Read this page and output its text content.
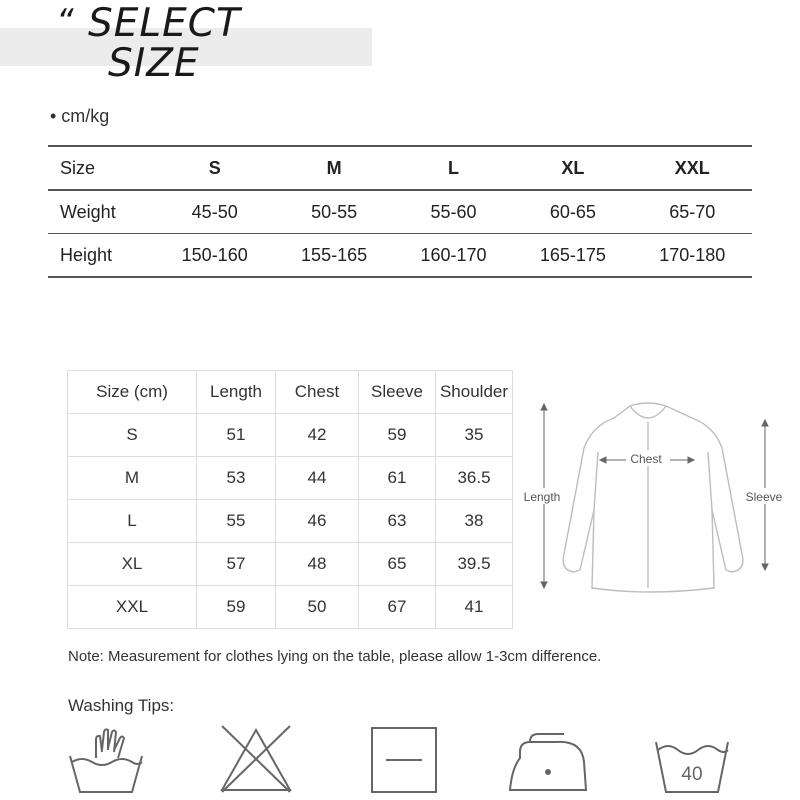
“ SELECT
SIZE
• cm/kg
Size	S	M	L	XL	XXL
Weight	45-50	50-55	55-60	60-65	65-70
Height	150-160	155-165	160-170	165-175	170-180
Size (cm)	Length	Chest	Sleeve	Shoulder
S	51	42	59	35
M	53	44	61	36.5
L	55	46	63	38
XL	57	48	65	39.5
XXL	59	50	67	41
Chest
Length	Sleeve
Note: Measurement for clothes lying on the table, please allow 1-3cm difference.
Washing Tips:
40
